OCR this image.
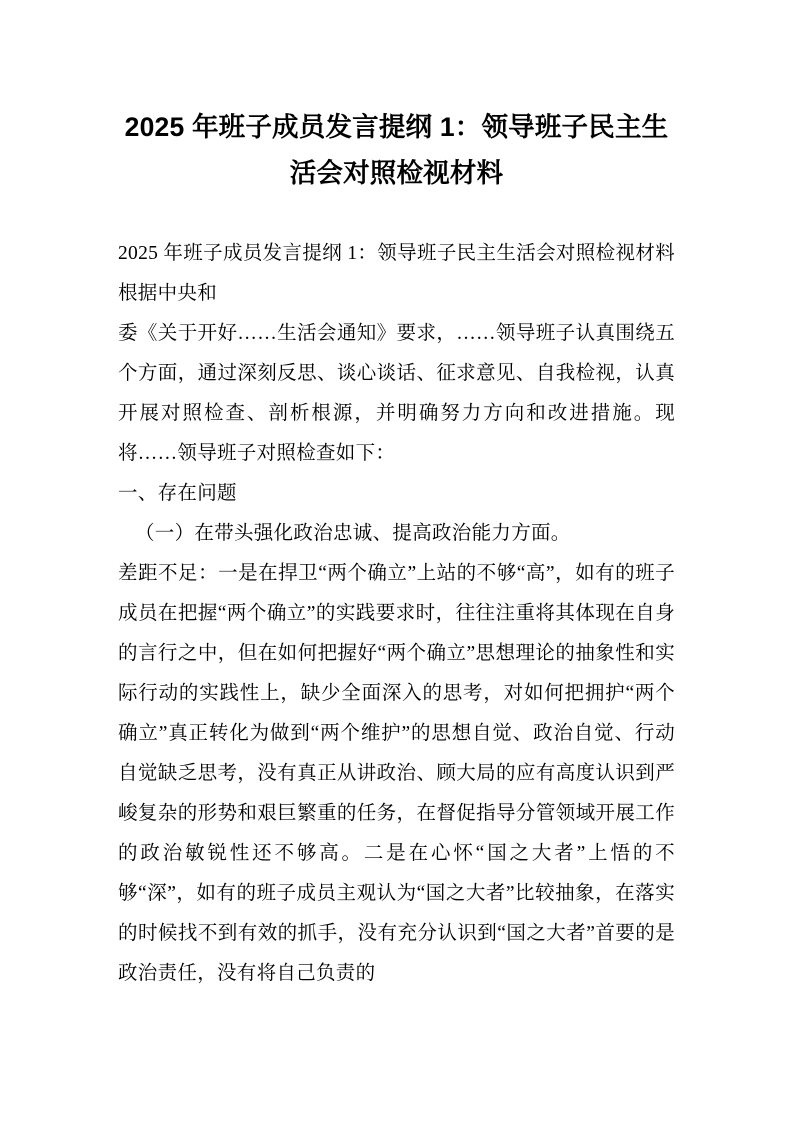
2025 年班子成员发言提纲 1：领导班子民主生活会对照检视材料

2025 年班子成员发言提纲 1：领导班子民主生活会对照检视材料根据中央和

委《关于开好……生活会通知》要求，……领导班子认真围绕五个方面，通过深刻反思、谈心谈话、征求意见、自我检视，认真开展对照检查、剖析根源，并明确努力方向和改进措施。现将……领导班子对照检查如下：

一、存在问题

（一）在带头强化政治忠诚、提高政治能力方面。

差距不足：一是在捍卫“两个确立”上站的不够“高”，如有的班子成员在把握“两个确立”的实践要求时，往往注重将其体现在自身的言行之中，但在如何把握好“两个确立”思想理论的抽象性和实际行动的实践性上，缺少全面深入的思考，对如何把拥护“两个确立”真正转化为做到“两个维护”的思想自觉、政治自觉、行动自觉缺乏思考，没有真正从讲政治、顾大局的应有高度认识到严峻复杂的形势和艰巨繁重的任务，在督促指导分管领域开展工作的政治敏锐性还不够高。二是在心怀“国之大者”上悟的不够“深”，如有的班子成员主观认为“国之大者”比较抽象，在落实的时候找不到有效的抓手，没有充分认识到“国之大者”首要的是政治责任，没有将自己负责的
